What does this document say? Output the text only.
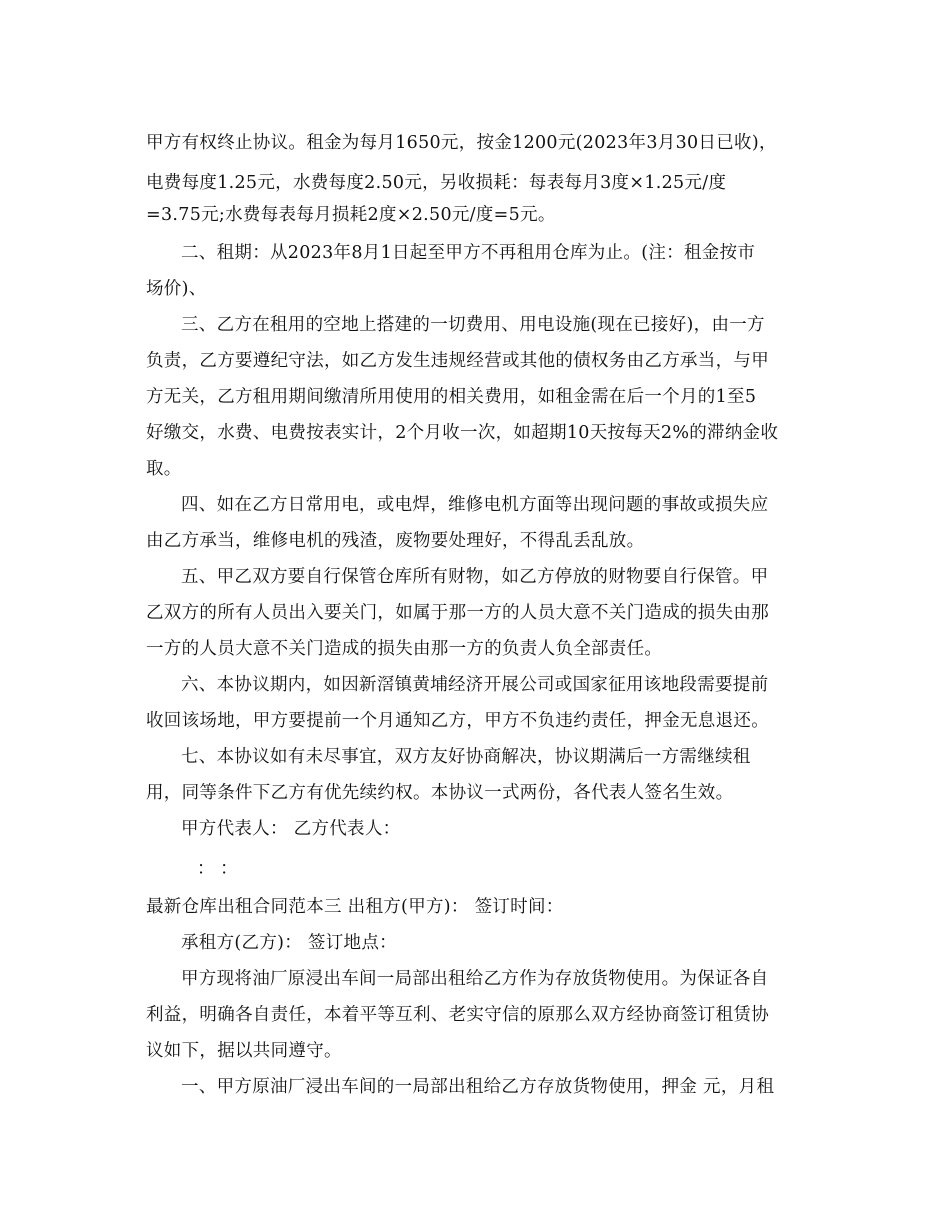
甲方有权终止协议。租金为每月1650元，按金1200元(2023年3月30日已收)，
电费每度1.25元，水费每度2.50元，另收损耗：每表每月3度×1.25元/度
=3.75元;水费每表每月损耗2度×2.50元/度=5元。
二、租期：从2023年8月1日起至甲方不再租用仓库为止。(注：租金按市
场价)、
三、乙方在租用的空地上搭建的一切费用、用电设施(现在已接好)，由一方
负责，乙方要遵纪守法，如乙方发生违规经营或其他的债权务由乙方承当，与甲
方无关，乙方租用期间缴清所用使用的相关费用，如租金需在后一个月的1至5
好缴交，水费、电费按表实计，2个月收一次，如超期10天按每天2%的滞纳金收
取。
四、如在乙方日常用电，或电焊，维修电机方面等出现问题的事故或损失应
由乙方承当，维修电机的残渣，废物要处理好，不得乱丢乱放。
五、甲乙双方要自行保管仓库所有财物，如乙方停放的财物要自行保管。甲
乙双方的所有人员出入要关门，如属于那一方的人员大意不关门造成的损失由那
一方的人员大意不关门造成的损失由那一方的负责人负全部责任。
六、本协议期内，如因新滘镇黄埔经济开展公司或国家征用该地段需要提前
收回该场地，甲方要提前一个月通知乙方，甲方不负违约责任，押金无息退还。
七、本协议如有未尽事宜，双方友好协商解决，协议期满后一方需继续租
用，同等条件下乙方有优先续约权。本协议一式两份，各代表人签名生效。
甲方代表人： 乙方代表人：
： ：
最新仓库出租合同范本三 出租方(甲方)： 签订时间：
承租方(乙方)： 签订地点：
甲方现将油厂原浸出车间一局部出租给乙方作为存放货物使用。为保证各自
利益，明确各自责任，本着平等互利、老实守信的原那么双方经协商签订租赁协
议如下，据以共同遵守。
一、甲方原油厂浸出车间的一局部出租给乙方存放货物使用，押金 元，月租
